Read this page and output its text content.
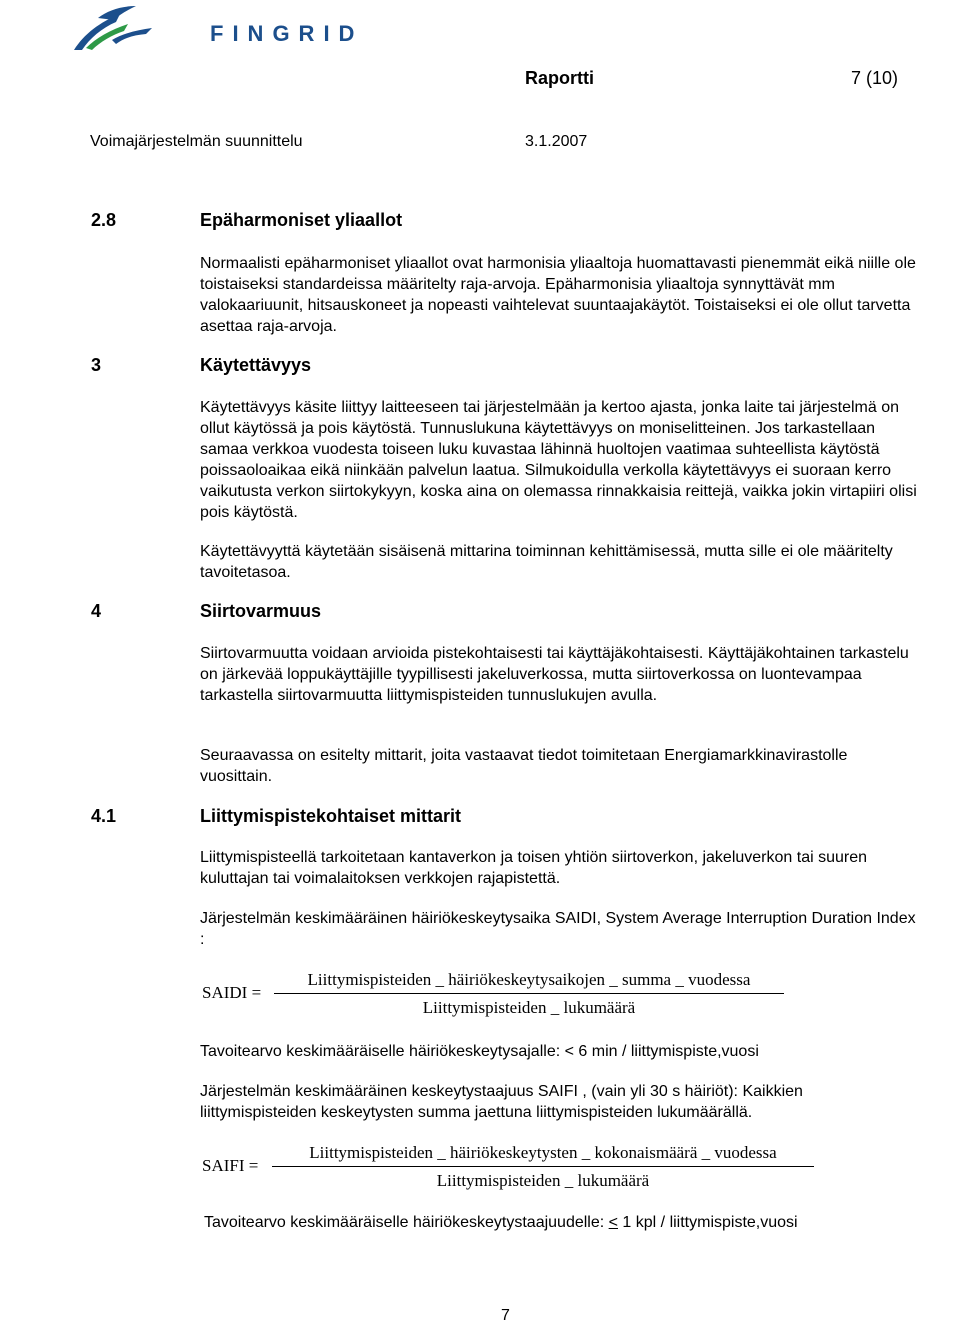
FINGRID
Raportti	7 (10)
Voimajärjestelmän suunnittelu	3.1.2007
2.8	Epäharmoniset yliaallot

Normaalisti epäharmoniset yliaallot ovat harmonisia yliaaltoja huomattavasti pienemmät eikä niille ole toistaiseksi standardeissa määritelty raja-arvoja. Epäharmonisia yliaaltoja synnyttävät mm valokaariuunit, hitsauskoneet ja nopeasti vaihtelevat suuntaajakäytöt. Toistaiseksi ei ole ollut tarvetta asettaa raja-arvoja.

3	Käytettävyys

Käytettävyys käsite liittyy laitteeseen tai järjestelmään ja kertoo ajasta, jonka laite tai järjestelmä on ollut käytössä ja pois käytöstä. Tunnuslukuna käytettävyys on moniselitteinen. Jos tarkastellaan samaa verkkoa vuodesta toiseen luku kuvastaa lähinnä huoltojen vaatimaa suhteellista käytöstä poissaoloaikaa eikä niinkään palvelun laatua. Silmukoidulla verkolla käytettävyys ei suoraan kerro vaikutusta verkon siirtokykyyn, koska aina on olemassa rinnakkaisia reittejä, vaikka jokin virtapiiri olisi pois käytöstä.

Käytettävyyttä käytetään sisäisenä mittarina toiminnan kehittämisessä, mutta sille ei ole määritelty tavoitetasoa.

4	Siirtovarmuus

Siirtovarmuutta voidaan arvioida pistekohtaisesti tai käyttäjäkohtaisesti. Käyttäjäkohtainen tarkastelu on järkevää loppukäyttäjille tyypillisesti jakeluverkossa, mutta siirtoverkossa on luontevampaa tarkastella siirtovarmuutta liittymispisteiden tunnuslukujen avulla.

Seuraavassa on esitelty mittarit, joita vastaavat tiedot toimitetaan Energiamarkkinavirastolle vuosittain.

4.1	Liittymispistekohtaiset mittarit

Liittymispisteellä tarkoitetaan kantaverkon ja toisen yhtiön siirtoverkon, jakeluverkon tai suuren kuluttajan tai voimalaitoksen verkkojen rajapistettä.

Järjestelmän keskimääräinen häiriökeskeytysaika SAIDI, System Average Interruption Duration Index :

SAIDI =
Liittymispisteiden _ häiriökeskeytysaikojen _ summa _ vuodessa
Liittymispisteiden _ lukumäärä

Tavoitearvo keskimääräiselle häiriökeskeytysajalle: < 6 min / liittymispiste,vuosi

Järjestelmän keskimääräinen keskeytystaajuus SAIFI , (vain yli 30 s häiriöt): Kaikkien liittymispisteiden keskeytysten summa jaettuna liittymispisteiden lukumäärällä.

SAIFI =
Liittymispisteiden _ häiriökeskeytysten _ kokonaismäärä _ vuodessa
Liittymispisteiden _ lukumäärä
Tavoitearvo keskimääräiselle häiriökeskeytystaajuudelle: < 1 kpl / liittymispiste,vuosi
7
